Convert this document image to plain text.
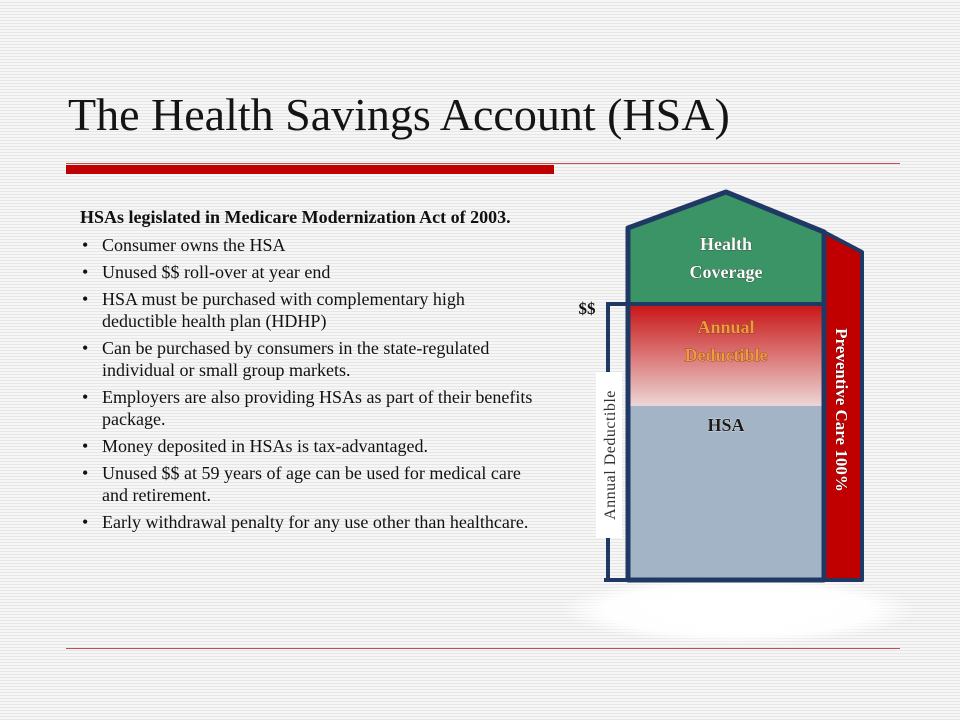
The Health Savings Account (HSA)

HSAs legislated in Medicare Modernization Act of 2003.

• Consumer owns the HSA
• Unused $$ roll-over at year end
• HSA must be purchased with complementary high deductible health plan (HDHP)
• Can be purchased by consumers in the state-regulated individual or small group markets.
• Employers are also providing HSAs as part of their benefits package.
• Money deposited in HSAs is tax-advantaged.
• Unused $$ at 59 years of age can be used for medical care and retirement.
• Early withdrawal penalty for any use other than healthcare.
$$
Annual Deductible
Health
Coverage
Annual
Deductible
HSA	Preventive Care 100%
